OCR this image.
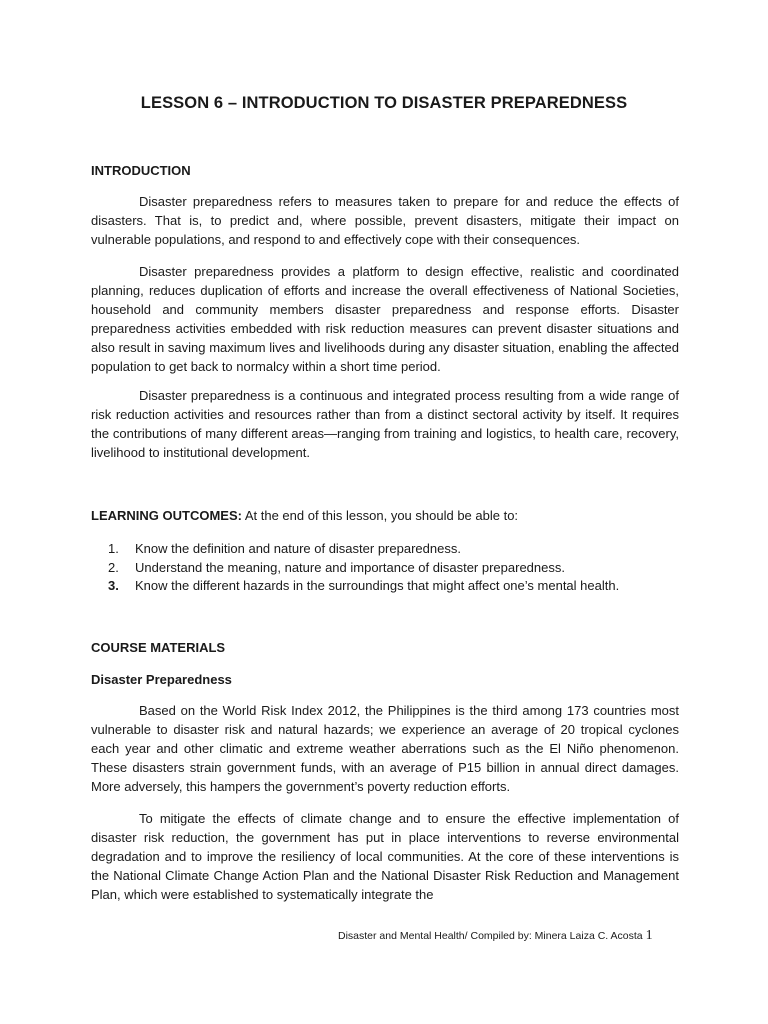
LESSON 6 – INTRODUCTION TO DISASTER PREPAREDNESS
INTRODUCTION

Disaster preparedness refers to measures taken to prepare for and reduce the effects of disasters. That is, to predict and, where possible, prevent disasters, mitigate their impact on vulnerable populations, and respond to and effectively cope with their consequences.

Disaster preparedness provides a platform to design effective, realistic and coordinated planning, reduces duplication of efforts and increase the overall effectiveness of National Societies, household and community members disaster preparedness and response efforts. Disaster preparedness activities embedded with risk reduction measures can prevent disaster situations and also result in saving maximum lives and livelihoods during any disaster situation, enabling the affected population to get back to normalcy within a short time period.

Disaster preparedness is a continuous and integrated process resulting from a wide range of risk reduction activities and resources rather than from a distinct sectoral activity by itself. It requires the contributions of many different areas—ranging from training and logistics, to health care, recovery, livelihood to institutional development.

LEARNING OUTCOMES: At the end of this lesson, you should be able to:
1.	Know the definition and nature of disaster preparedness.
2.	Understand the meaning, nature and importance of disaster preparedness.
3.	Know the different hazards in the surroundings that might affect one’s mental health.
COURSE MATERIALS
Disaster Preparedness

Based on the World Risk Index 2012, the Philippines is the third among 173 countries most vulnerable to disaster risk and natural hazards; we experience an average of 20 tropical cyclones each year and other climatic and extreme weather aberrations such as the El Niño phenomenon. These disasters strain government funds, with an average of P15 billion in annual direct damages. More adversely, this hampers the government’s poverty reduction efforts.

To mitigate the effects of climate change and to ensure the effective implementation of disaster risk reduction, the government has put in place interventions to reverse environmental degradation and to improve the resiliency of local communities. At the core of these interventions is the National Climate Change Action Plan and the National Disaster Risk Reduction and Management Plan, which were established to systematically integrate the

Disaster and Mental Health/ Compiled by: Minera Laiza C. Acosta 1
